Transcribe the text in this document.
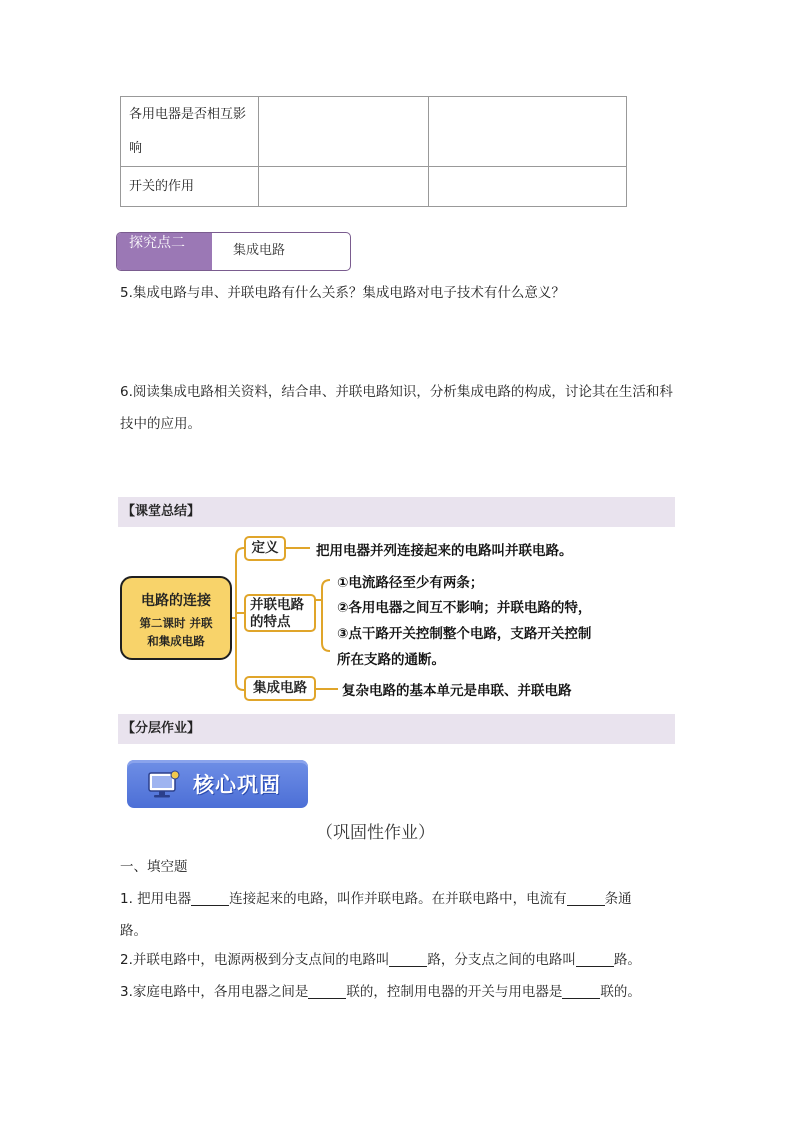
各用电器是否相互影响		
开关的作用		
探究点二	集成电路
5.集成电路与串、并联电路有什么关系？集成电路对电子技术有什么意义？
6.阅读集成电路相关资料，结合串、并联电路知识，分析集成电路的构成，讨论其在生活和科技中的应用。
【课堂总结】
电路的连接
第二课时 并联
和集成电路
定义	把用电器并列连接起来的电路叫并联电路。
并联电路
的特点
①电流路径至少有两条；
②各用电器之间互不影响；并联电路的特，
③点干路开关控制整个电路，支路开关控制
所在支路的通断。
集成电路	复杂电路的基本单元是串联、并联电路
【分层作业】
核心巩固
（巩固性作业）
一、填空题
1. 把用电器	连接起来的电路，叫作并联电路。在并联电路中，电流有	条通
路。
2.并联电路中，电源两极到分支点间的电路叫	路，分支点之间的电路叫	路。
3.家庭电路中，各用电器之间是	联的，控制用电器的开关与用电器是	联的。
